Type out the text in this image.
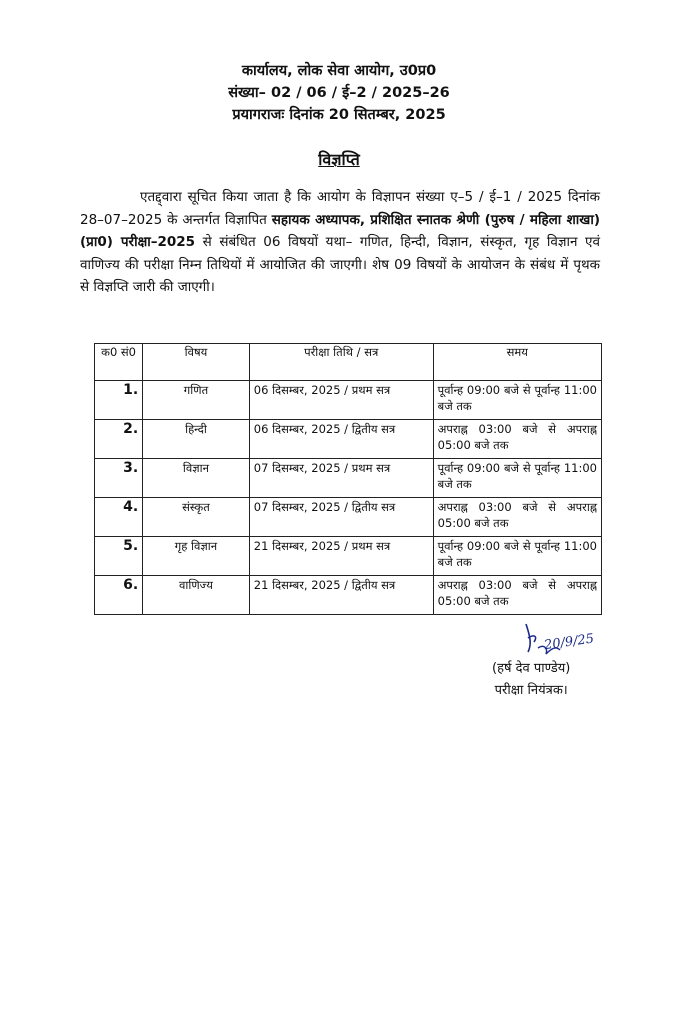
कार्यालय, लोक सेवा आयोग, उ0प्र0
संख्या– 02 / 06 / ई–2 / 2025–26
प्रयागराजः दिनांक 20 सितम्बर, 2025
विज्ञप्ति
एतद्द्वारा सूचित किया जाता है कि आयोग के विज्ञापन संख्या ए–5 / ई–1 / 2025 दिनांक 28–07–2025 के अन्तर्गत विज्ञापित सहायक अध्यापक, प्रशिक्षित स्नातक श्रेणी (पुरुष / महिला शाखा) (प्रा0) परीक्षा–2025 से संबंधित 06 विषयों यथा– गणित, हिन्दी, विज्ञान, संस्कृत, गृह विज्ञान एवं वाणिज्य की परीक्षा निम्न तिथियों में आयोजित की जाएगी। शेष 09 विषयों के आयोजन के संबंध में पृथक से विज्ञप्ति जारी की जाएगी।
क0 सं0	विषय	परीक्षा तिथि / सत्र	समय
1.	गणित	06 दिसम्बर, 2025 / प्रथम सत्र	पूर्वान्ह 09:00 बजे से पूर्वान्ह 11:00 बजे तक
2.	हिन्दी	06 दिसम्बर, 2025 / द्वितीय सत्र	अपराह्न 03:00 बजे से अपराह्न 05:00 बजे तक
3.	विज्ञान	07 दिसम्बर, 2025 / प्रथम सत्र	पूर्वान्ह 09:00 बजे से पूर्वान्ह 11:00 बजे तक
4.	संस्कृत	07 दिसम्बर, 2025 / द्वितीय सत्र	अपराह्न 03:00 बजे से अपराह्न 05:00 बजे तक
5.	गृह विज्ञान	21 दिसम्बर, 2025 / प्रथम सत्र	पूर्वान्ह 09:00 बजे से पूर्वान्ह 11:00 बजे तक
6.	वाणिज्य	21 दिसम्बर, 2025 / द्वितीय सत्र	अपराह्न 03:00 बजे से अपराह्न 05:00 बजे तक
20/9/25
(हर्ष देव पाण्डेय)
परीक्षा नियंत्रक।
